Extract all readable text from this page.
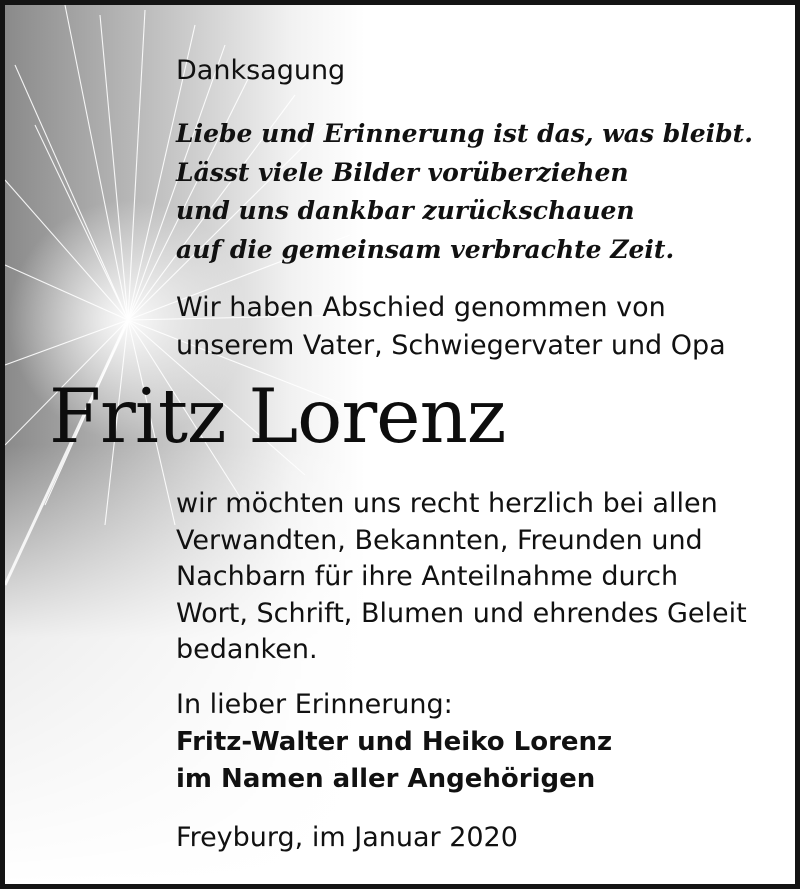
Danksagung
Liebe und Erinnerung ist das, was bleibt.
Lässt viele Bilder vorüberziehen
und uns dankbar zurückschauen
auf die gemeinsam verbrachte Zeit.
Wir haben Abschied genommen von
unserem Vater, Schwiegervater und Opa
Fritz Lorenz
wir möchten uns recht herzlich bei allen
Verwandten, Bekannten, Freunden und
Nachbarn für ihre Anteilnahme durch
Wort, Schrift, Blumen und ehrendes Geleit
bedanken.
In lieber Erinnerung:
Fritz-Walter und Heiko Lorenz
im Namen aller Angehörigen
Freyburg, im Januar 2020
